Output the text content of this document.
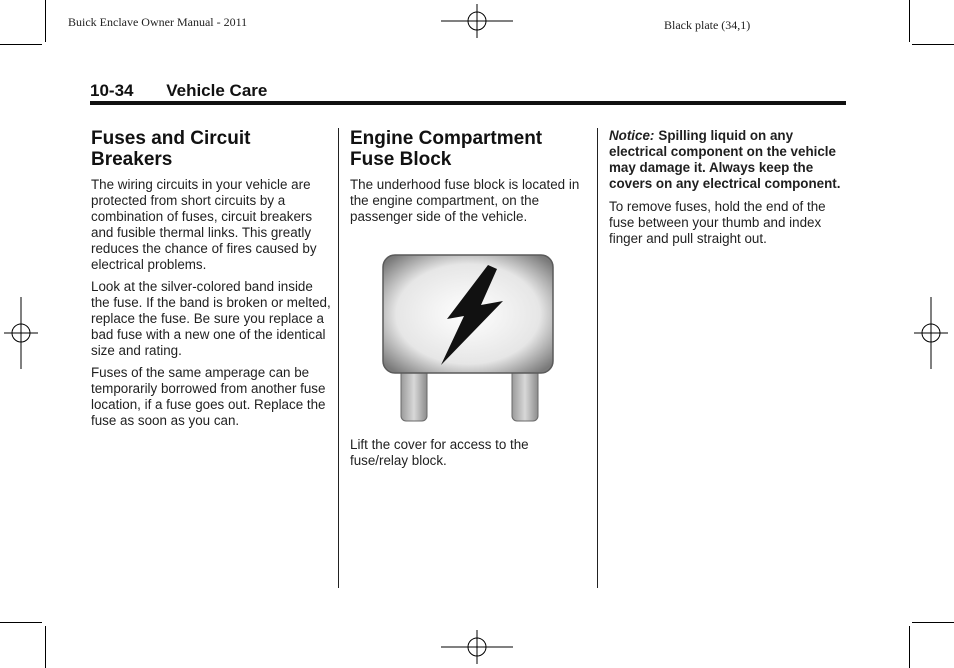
Buick Enclave Owner Manual - 2011	Black plate (34,1)
10-34 Vehicle Care
Fuses and Circuit Breakers

The wiring circuits in your vehicle are protected from short circuits by a combination of fuses, circuit breakers and fusible thermal links. This greatly reduces the chance of fires caused by electrical problems.

Look at the silver-colored band inside the fuse. If the band is broken or melted, replace the fuse. Be sure you replace a bad fuse with a new one of the identical size and rating.

Fuses of the same amperage can be temporarily borrowed from another fuse location, if a fuse goes out. Replace the fuse as soon as you can.

Engine Compartment Fuse Block

The underhood fuse block is located in the engine compartment, on the passenger side of the vehicle.

Lift the cover for access to the fuse/relay block.

Notice: Spilling liquid on any electrical component on the vehicle may damage it. Always keep the covers on any electrical component.

To remove fuses, hold the end of the fuse between your thumb and index finger and pull straight out.
